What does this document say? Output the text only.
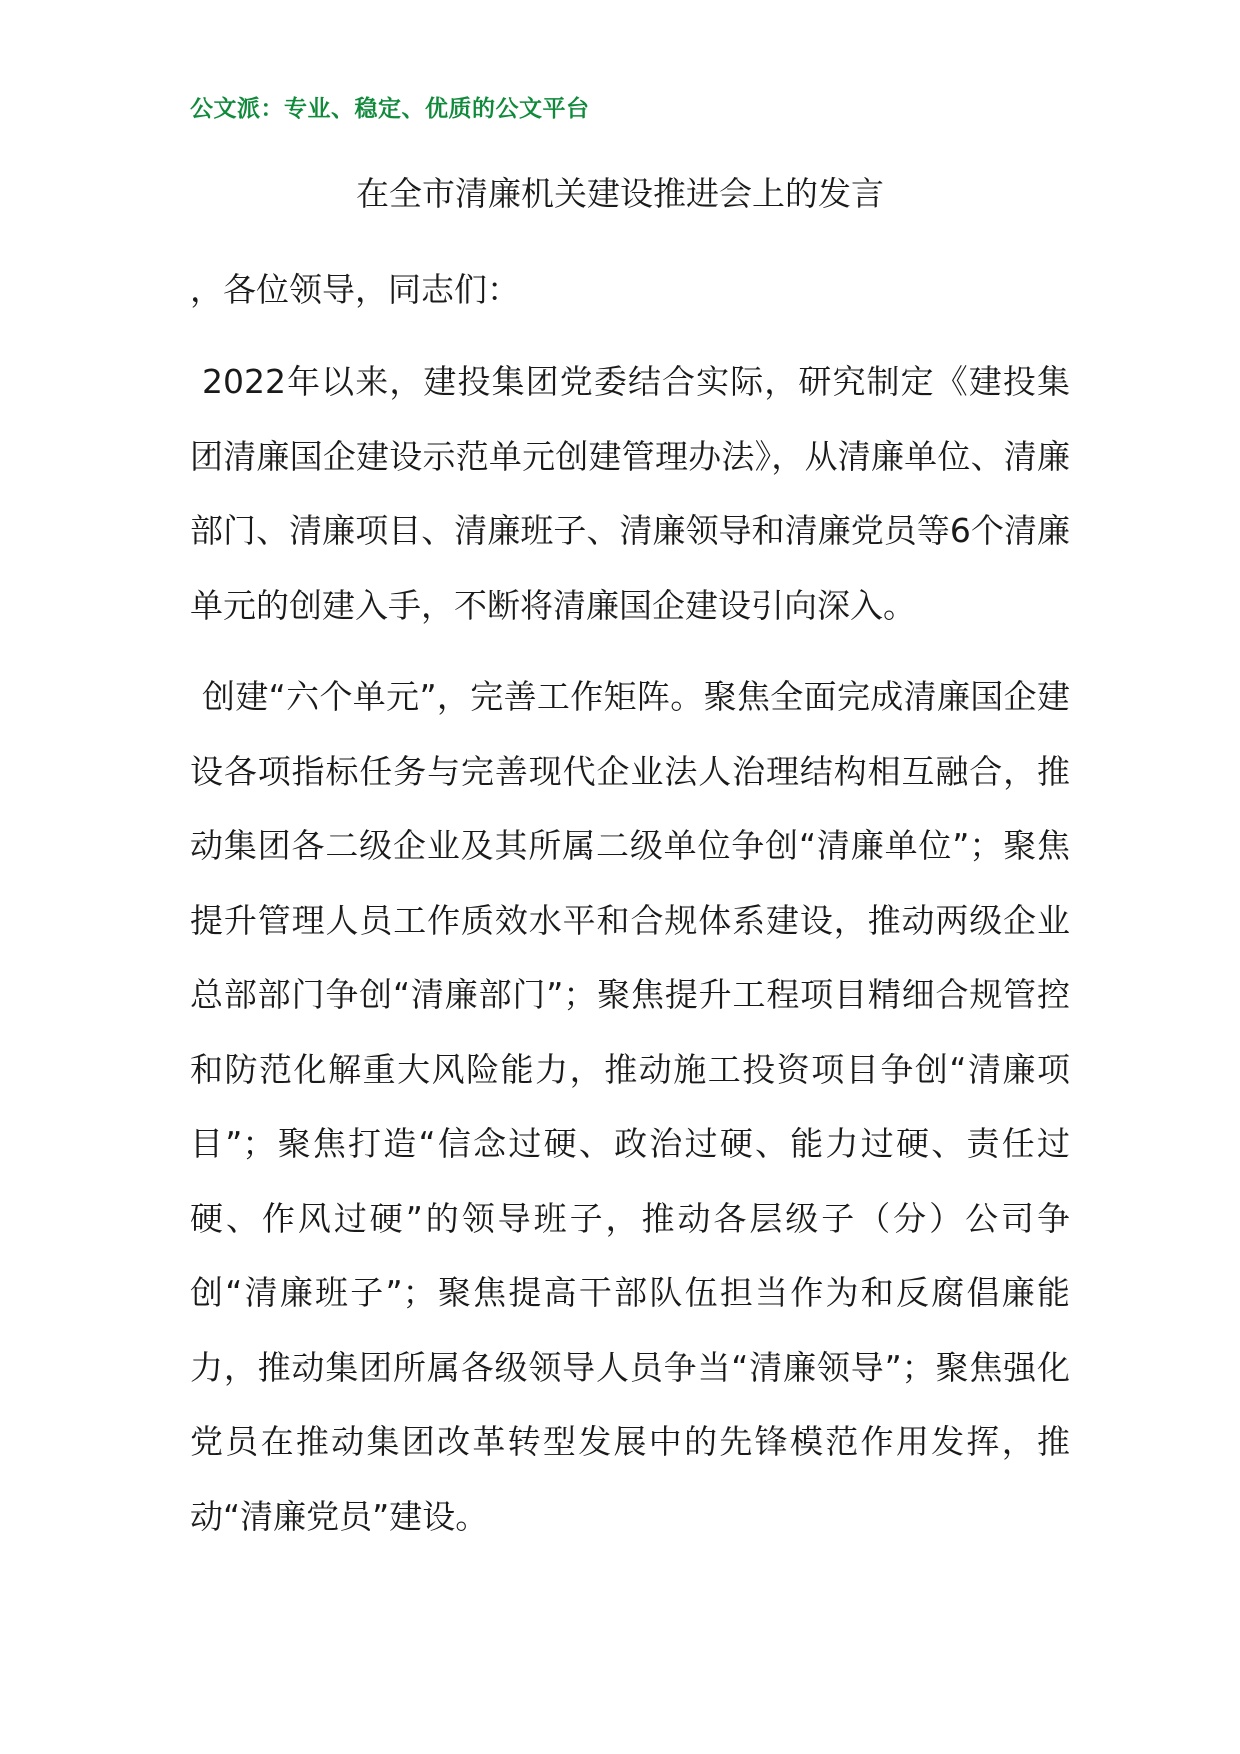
公文派：专业、稳定、优质的公文平台
在全市清廉机关建设推进会上的发言
，各位领导，同志们：

2022年以来，建投集团党委结合实际，研究制定《建投集团清廉国企建设示范单元创建管理办法》，从清廉单位、清廉部门、清廉项目、清廉班子、清廉领导和清廉党员等6个清廉单元的创建入手，不断将清廉国企建设引向深入。

创建“六个单元”，完善工作矩阵。聚焦全面完成清廉国企建设各项指标任务与完善现代企业法人治理结构相互融合，推动集团各二级企业及其所属二级单位争创“清廉单位”；聚焦提升管理人员工作质效水平和合规体系建设，推动两级企业总部部门争创“清廉部门”；聚焦提升工程项目精细合规管控和防范化解重大风险能力，推动施工投资项目争创“清廉项目”；聚焦打造“信念过硬、政治过硬、能力过硬、责任过硬、作风过硬”的领导班子，推动各层级子（分）公司争创“清廉班子”；聚焦提高干部队伍担当作为和反腐倡廉能力，推动集团所属各级领导人员争当“清廉领导”；聚焦强化党员在推动集团改革转型发展中的先锋模范作用发挥，推动“清廉党员”建设。
